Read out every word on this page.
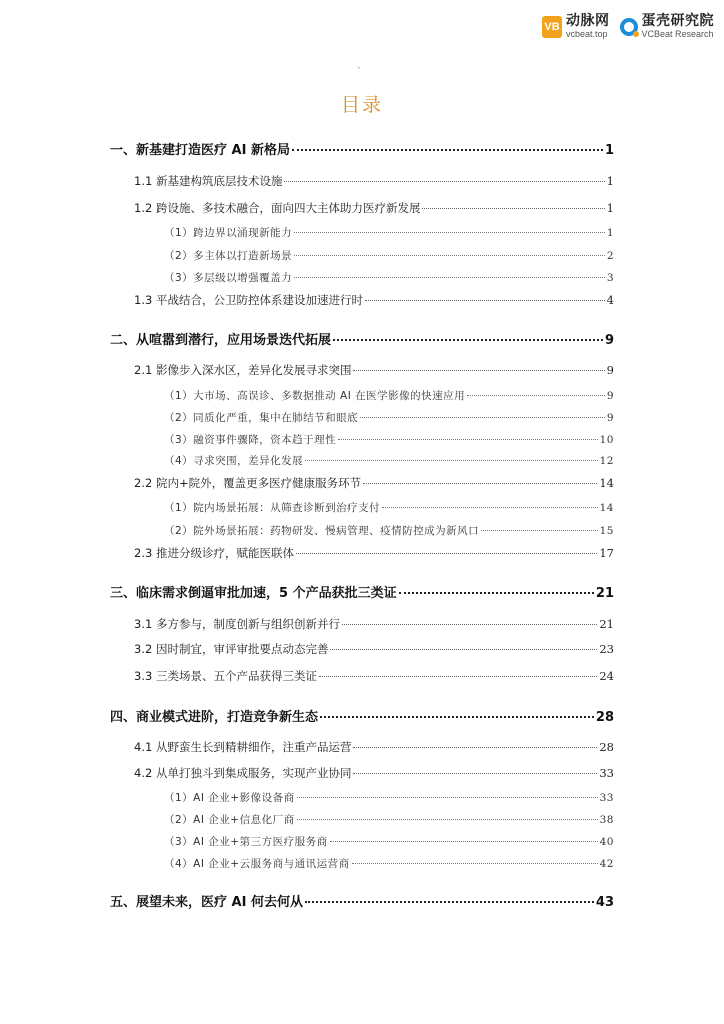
VB 动脉网
vcbeat.top
蛋壳研究院
VCBeat Research
、
目录
一、新基建打造医疗 AI 新格局	1
1.1 新基建构筑底层技术设施	1
1.2 跨设施、多技术融合，面向四大主体助力医疗新发展	1
（1）跨边界以涌现新能力	1
（2）多主体以打造新场景	2
（3）多层级以增强覆盖力	3
1.3 平战结合，公卫防控体系建设加速进行时	4
二、从喧嚣到潜行，应用场景迭代拓展	9
2.1 影像步入深水区，差异化发展寻求突围	9
（1）大市场、高误诊、多数据推动 AI 在医学影像的快速应用	9
（2）同质化严重，集中在肺结节和眼底	9
（3）融资事件骤降，资本趋于理性	10
（4）寻求突围，差异化发展	12
2.2 院内+院外，覆盖更多医疗健康服务环节	14
（1）院内场景拓展：从筛查诊断到治疗支付	14
（2）院外场景拓展：药物研发、慢病管理、疫情防控成为新风口	15
2.3 推进分级诊疗，赋能医联体	17
三、临床需求倒逼审批加速，5 个产品获批三类证	21
3.1 多方参与，制度创新与组织创新并行	21
3.2 因时制宜，审评审批要点动态完善	23
3.3 三类场景、五个产品获得三类证	24
四、商业模式进阶，打造竞争新生态	28
4.1 从野蛮生长到精耕细作，注重产品运营	28
4.2 从单打独斗到集成服务，实现产业协同	33
（1）AI 企业+影像设备商	33
（2）AI 企业+信息化厂商	38
（3）AI 企业+第三方医疗服务商	40
（4）AI 企业+云服务商与通讯运营商	42
五、展望未来，医疗 AI 何去何从	43
